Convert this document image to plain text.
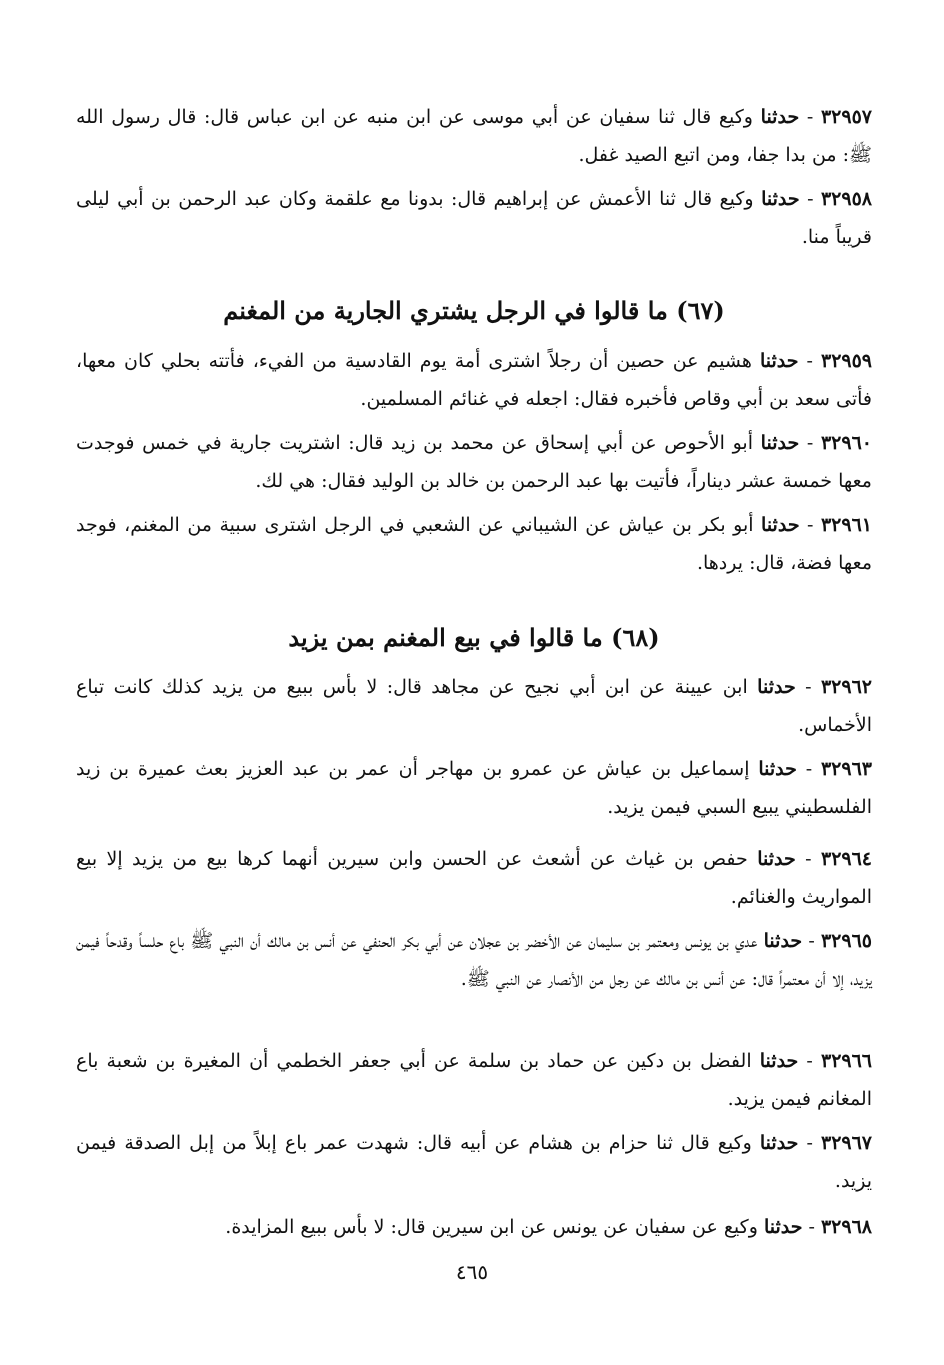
٣٢٩٥٧ - حدثنا وكيع قال ثنا سفيان عن أبي موسى عن ابن منبه عن ابن عباس قال: قال رسول الله ﷺ: من بدا جفا، ومن اتبع الصيد غفل.

٣٢٩٥٨ - حدثنا وكيع قال ثنا الأعمش عن إبراهيم قال: بدونا مع علقمة وكان عبد الرحمن بن أبي ليلى قريباً منا.

(٦٧) ما قالوا في الرجل يشتري الجارية من المغنم

٣٢٩٥٩ - حدثنا هشيم عن حصين أن رجلاً اشترى أمة يوم القادسية من الفيء، فأتته بحلي كان معها، فأتى سعد بن أبي وقاص فأخبره فقال: اجعله في غنائم المسلمين.

٣٢٩٦٠ - حدثنا أبو الأحوص عن أبي إسحاق عن محمد بن زيد قال: اشتريت جارية في خمس فوجدت معها خمسة عشر ديناراً، فأتيت بها عبد الرحمن بن خالد بن الوليد فقال: هي لك.

٣٢٩٦١ - حدثنا أبو بكر بن عياش عن الشيباني عن الشعبي في الرجل اشترى سبية من المغنم، فوجد معها فضة، قال: يردها.

(٦٨) ما قالوا في بيع المغنم بمن يزيد

٣٢٩٦٢ - حدثنا ابن عيينة عن ابن أبي نجيح عن مجاهد قال: لا بأس ببيع من يزيد كذلك كانت تباع الأخماس.

٣٢٩٦٣ - حدثنا إسماعيل بن عياش عن عمرو بن مهاجر أن عمر بن عبد العزيز بعث عميرة بن زيد الفلسطيني يبيع السبي فيمن يزيد.

٣٢٩٦٤ - حدثنا حفص بن غياث عن أشعث عن الحسن وابن سيرين أنهما كرها بيع من يزيد إلا بيع المواريث والغنائم.

٣٢٩٦٥ - حدثنا عدي بن يونس ومعتمر بن سليمان عن الأخضر بن عجلان عن أبي بكر الحنفي عن أنس بن مالك أن النبي ﷺ باع حلساً وقدحاً فيمن يزيد، إلا أن معتمراً قال: عن أنس بن مالك عن رجل من الأنصار عن النبي ﷺ.

٣٢٩٦٦ - حدثنا الفضل بن دكين عن حماد بن سلمة عن أبي جعفر الخطمي أن المغيرة بن شعبة باع المغانم فيمن يزيد.

٣٢٩٦٧ - حدثنا وكيع قال ثنا حزام بن هشام عن أبيه قال: شهدت عمر باع إبلاً من إبل الصدقة فيمن يزيد.

٣٢٩٦٨ - حدثنا وكيع عن سفيان عن يونس عن ابن سيرين قال: لا بأس ببيع المزايدة.

٤٦٥
